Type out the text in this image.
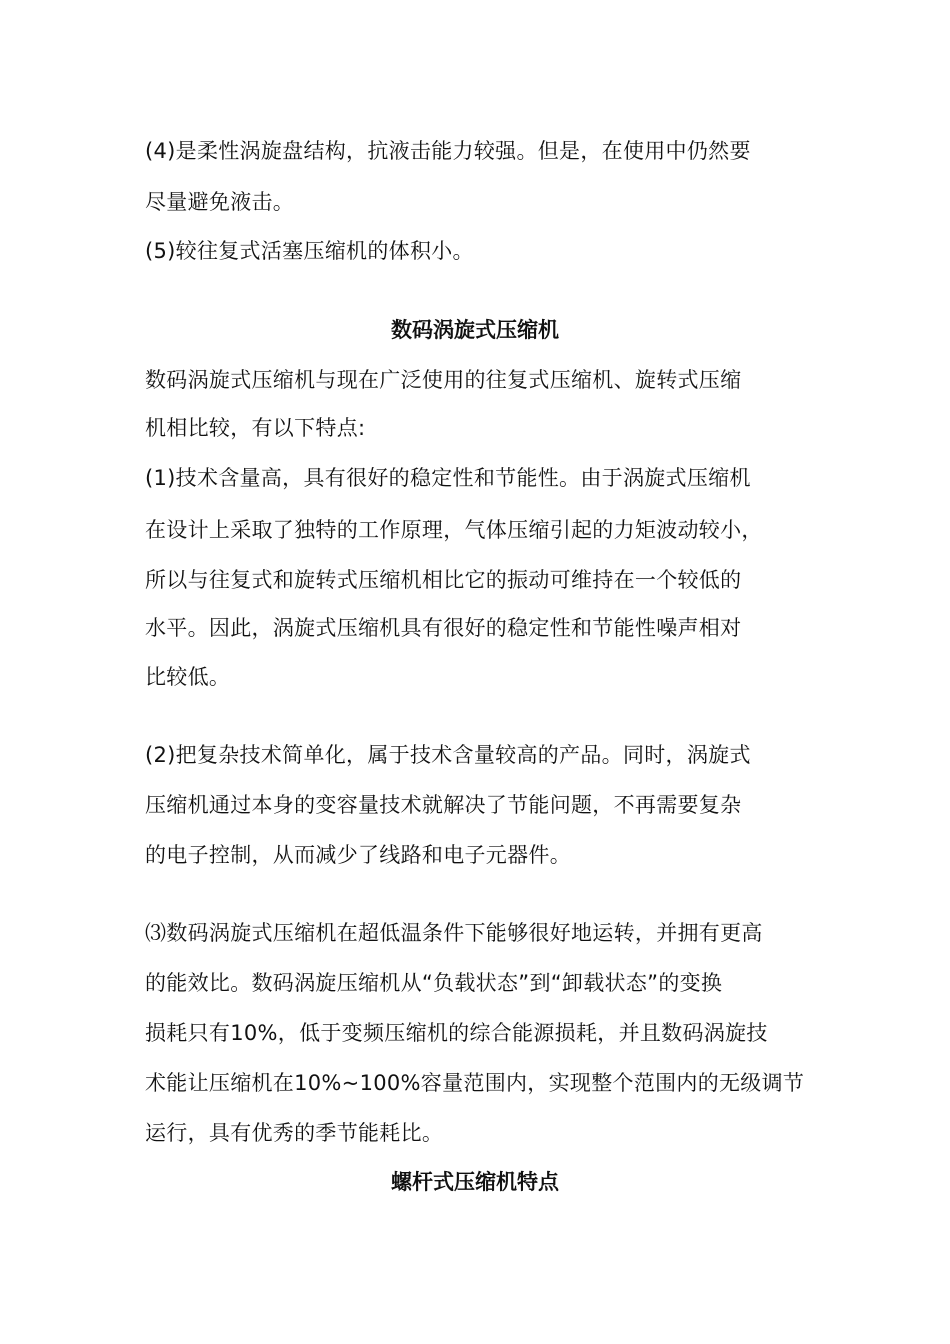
(4)是柔性涡旋盘结构，抗液击能力较强。但是，在使用中仍然要
尽量避免液击。
(5)较往复式活塞压缩机的体积小。
数码涡旋式压缩机
数码涡旋式压缩机与现在广泛使用的往复式压缩机、旋转式压缩
机相比较，有以下特点:
(1)技术含量高，具有很好的稳定性和节能性。由于涡旋式压缩机
在设计上采取了独特的工作原理，气体压缩引起的力矩波动较小，
所以与往复式和旋转式压缩机相比它的振动可维持在一个较低的
水平。因此，涡旋式压缩机具有很好的稳定性和节能性噪声相对
比较低。
(2)把复杂技术简单化，属于技术含量较高的产品。同时，涡旋式
压缩机通过本身的变容量技术就解决了节能问题，不再需要复杂
的电子控制，从而减少了线路和电子元器件。
⑶数码涡旋式压缩机在超低温条件下能够很好地运转，并拥有更高
的能效比。数码涡旋压缩机从“负载状态”到“卸载状态”的变换
损耗只有10%，低于变频压缩机的综合能源损耗，并且数码涡旋技
术能让压缩机在10%~100%容量范围内，实现整个范围内的无级调节
运行，具有优秀的季节能耗比。
螺杆式压缩机特点
